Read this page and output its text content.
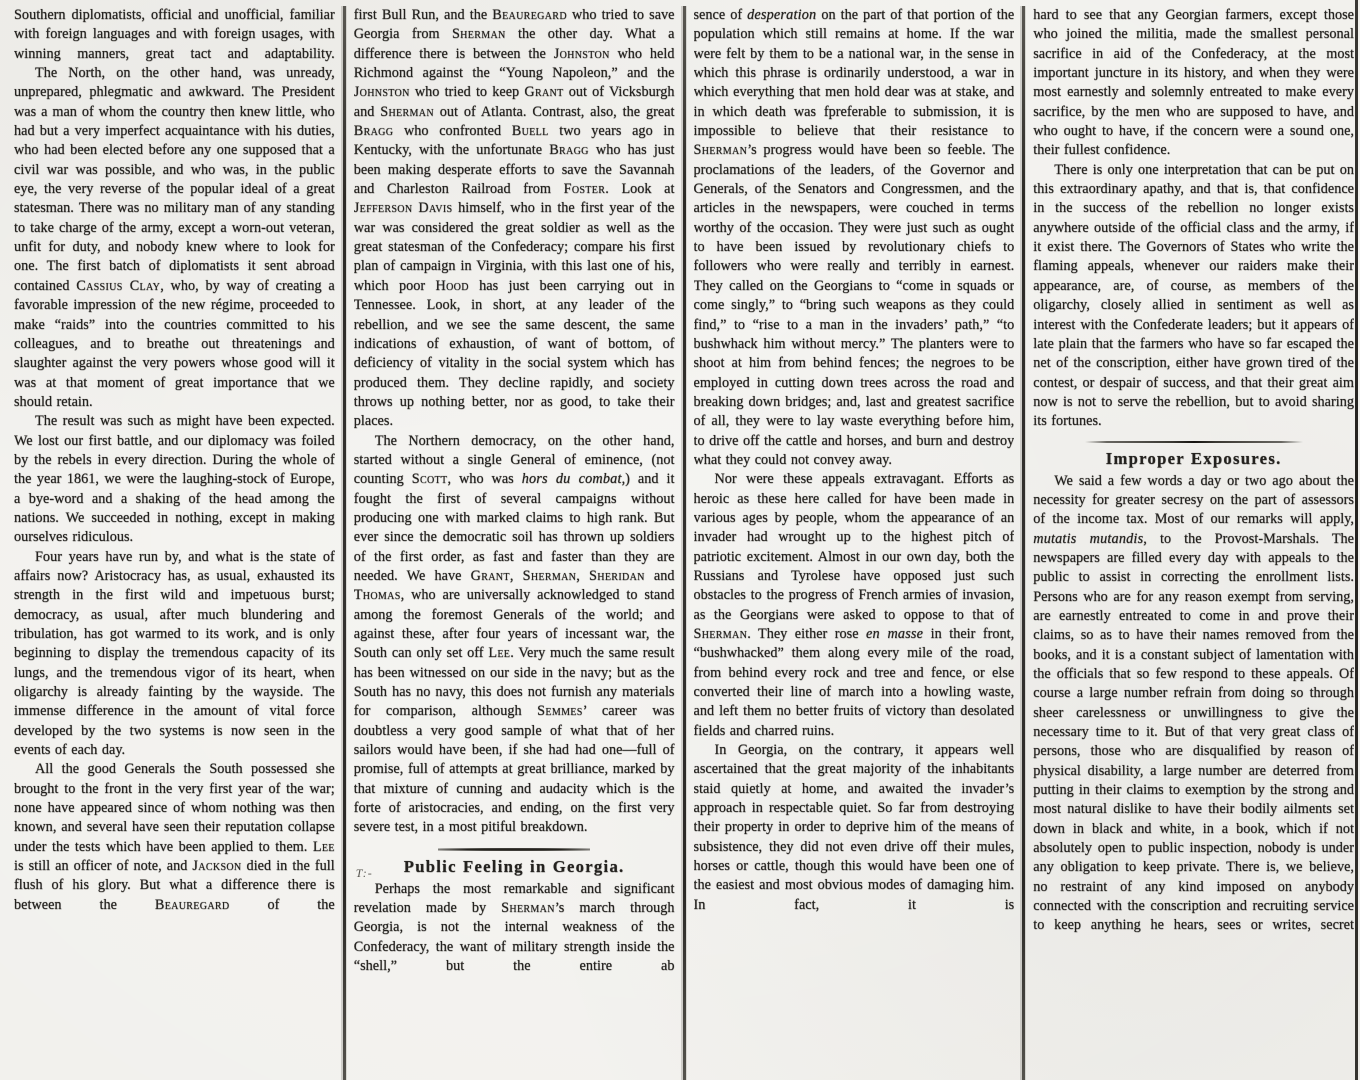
Southern diplomatists, official and unofficial, familiar with foreign languages and with foreign usages, with winning manners, great tact and adaptability.

The North, on the other hand, was unready, unprepared, phlegmatic and awkward. The President was a man of whom the country then knew little, who had but a very imperfect acquaintance with his duties, who had been elected before any one supposed that a civil war was possible, and who was, in the public eye, the very reverse of the popular ideal of a great statesman. There was no military man of any standing to take charge of the army, except a worn-out veteran, unfit for duty, and nobody knew where to look for one. The first batch of diplomatists it sent abroad contained Cassius Clay, who, by way of creating a favorable impression of the new régime, proceeded to make “raids” into the countries committed to his colleagues, and to breathe out threatenings and slaughter against the very powers whose good will it was at that moment of great importance that we should retain.

The result was such as might have been expected. We lost our first battle, and our diplomacy was foiled by the rebels in every direction. During the whole of the year 1861, we were the laughing-stock of Europe, a bye-word and a shaking of the head among the nations. We succeeded in nothing, except in making ourselves ridiculous.

Four years have run by, and what is the state of affairs now? Aristocracy has, as usual, exhausted its strength in the first wild and impetuous burst; democracy, as usual, after much blundering and tribulation, has got warmed to its work, and is only beginning to display the tremendous capacity of its lungs, and the tremendous vigor of its heart, when oligarchy is already fainting by the wayside. The immense difference in the amount of vital force developed by the two systems is now seen in the events of each day.

All the good Generals the South possessed she brought to the front in the very first year of the war; none have appeared since of whom nothing was then known, and several have seen their reputation collapse under the tests which have been applied to them. Lee is still an officer of note, and Jackson died in the full flush of his glory. But what a difference there is between the Beauregard of the

first Bull Run, and the Beauregard who tried to save Georgia from Sherman the other day. What a difference there is between the Johnston who held Richmond against the “Young Napoleon,” and the Johnston who tried to keep Grant out of Vicksburgh and Sherman out of Atlanta. Contrast, also, the great Bragg who confronted Buell two years ago in Kentucky, with the unfortunate Bragg who has just been making desperate efforts to save the Savannah and Charleston Railroad from Foster. Look at Jefferson Davis himself, who in the first year of the war was considered the great soldier as well as the great statesman of the Confederacy; compare his first plan of campaign in Virginia, with this last one of his, which poor Hood has just been carrying out in Tennessee. Look, in short, at any leader of the rebellion, and we see the same descent, the same indications of exhaustion, of want of bottom, of deficiency of vitality in the social system which has produced them. They decline rapidly, and society throws up nothing better, nor as good, to take their places.

The Northern democracy, on the other hand, started without a single General of eminence, (not counting Scott, who was hors du combat,) and it fought the first of several campaigns without producing one with marked claims to high rank. But ever since the democratic soil has thrown up soldiers of the first order, as fast and faster than they are needed. We have Grant, Sherman, Sheridan and Thomas, who are universally acknowledged to stand among the foremost Generals of the world; and against these, after four years of incessant war, the South can only set off Lee. Very much the same result has been witnessed on our side in the navy; but as the South has no navy, this does not furnish any materials for comparison, although Semmes’ career was doubtless a very good sample of what that of her sailors would have been, if she had had one—full of promise, full of attempts at great brilliance, marked by that mixture of cunning and audacity which is the forte of aristocracies, and ending, on the first very severe test, in a most pitiful breakdown.

T:-	Public Feeling in Georgia.

Perhaps the most remarkable and significant revelation made by Sherman’s march through Georgia, is not the internal weakness of the Confederacy, the want of military strength inside the “shell,” but the entire ab

sence of desperation on the part of that portion of the population which still remains at home. If the war were felt by them to be a national war, in the sense in which this phrase is ordinarily understood, a war in which everything that men hold dear was at stake, and in which death was fpreferable to submission, it is impossible to believe that their resistance to Sherman’s progress would have been so feeble. The proclamations of the leaders, of the Governor and Generals, of the Senators and Congressmen, and the articles in the newspapers, were couched in terms worthy of the occasion. They were just such as ought to have been issued by revolutionary chiefs to followers who were really and terribly in earnest. They called on the Georgians to “come in squads or come singly,” to “bring such weapons as they could find,” to “rise to a man in the invaders’ path,” “to bushwhack him without mercy.” The planters were to shoot at him from behind fences; the negroes to be employed in cutting down trees across the road and breaking down bridges; and, last and greatest sacrifice of all, they were to lay waste everything before him, to drive off the cattle and horses, and burn and destroy what they could not convey away.

Nor were these appeals extravagant. Efforts as heroic as these here called for have been made in various ages by people, whom the appearance of an invader had wrought up to the highest pitch of patriotic excitement. Almost in our own day, both the Russians and Tyrolese have opposed just such obstacles to the progress of French armies of invasion, as the Georgians were asked to oppose to that of Sherman. They either rose en masse in their front, “bushwhacked” them along every mile of the road, from behind every rock and tree and fence, or else converted their line of march into a howling waste, and left them no better fruits of victory than desolated fields and charred ruins.

In Georgia, on the contrary, it appears well ascertained that the great majority of the inhabitants staid quietly at home, and awaited the invader’s approach in respectable quiet. So far from destroying their property in order to deprive him of the means of subsistence, they did not even drive off their mules, horses or cattle, though this would have been one of the easiest and most obvious modes of damaging him. In fact, it is

hard to see that any Georgian farmers, except those who joined the militia, made the smallest personal sacrifice in aid of the Confederacy, at the most important juncture in its history, and when they were most earnestly and solemnly entreated to make every sacrifice, by the men who are supposed to have, and who ought to have, if the concern were a sound one, their fullest confidence.

There is only one interpretation that can be put on this extraordinary apathy, and that is, that confidence in the success of the rebellion no longer exists anywhere outside of the official class and the army, if it exist there. The Governors of States who write the flaming appeals, whenever our raiders make their appearance, are, of course, as members of the oligarchy, closely allied in sentiment as well as interest with the Confederate leaders; but it appears of late plain that the farmers who have so far escaped the net of the conscription, either have grown tired of the contest, or despair of success, and that their great aim now is not to serve the rebellion, but to avoid sharing its fortunes.

Improper Exposures.

We said a few words a day or two ago about the necessity for greater secresy on the part of assessors of the income tax. Most of our remarks will apply, mutatis mutandis, to the Provost-Marshals. The newspapers are filled every day with appeals to the public to assist in correcting the enrollment lists. Persons who are for any reason exempt from serving, are earnestly entreated to come in and prove their claims, so as to have their names removed from the books, and it is a constant subject of lamentation with the officials that so few respond to these appeals. Of course a large number refrain from doing so through sheer carelessness or unwillingness to give the necessary time to it. But of that very great class of persons, those who are disqualified by reason of physical disability, a large number are deterred from putting in their claims to exemption by the strong and most natural dislike to have their bodily ailments set down in black and white, in a book, which if not absolutely open to public inspection, nobody is under any obligation to keep private. There is, we believe, no restraint of any kind imposed on anybody connected with the conscription and recruiting service to keep anything he hears, sees or writes, secret
